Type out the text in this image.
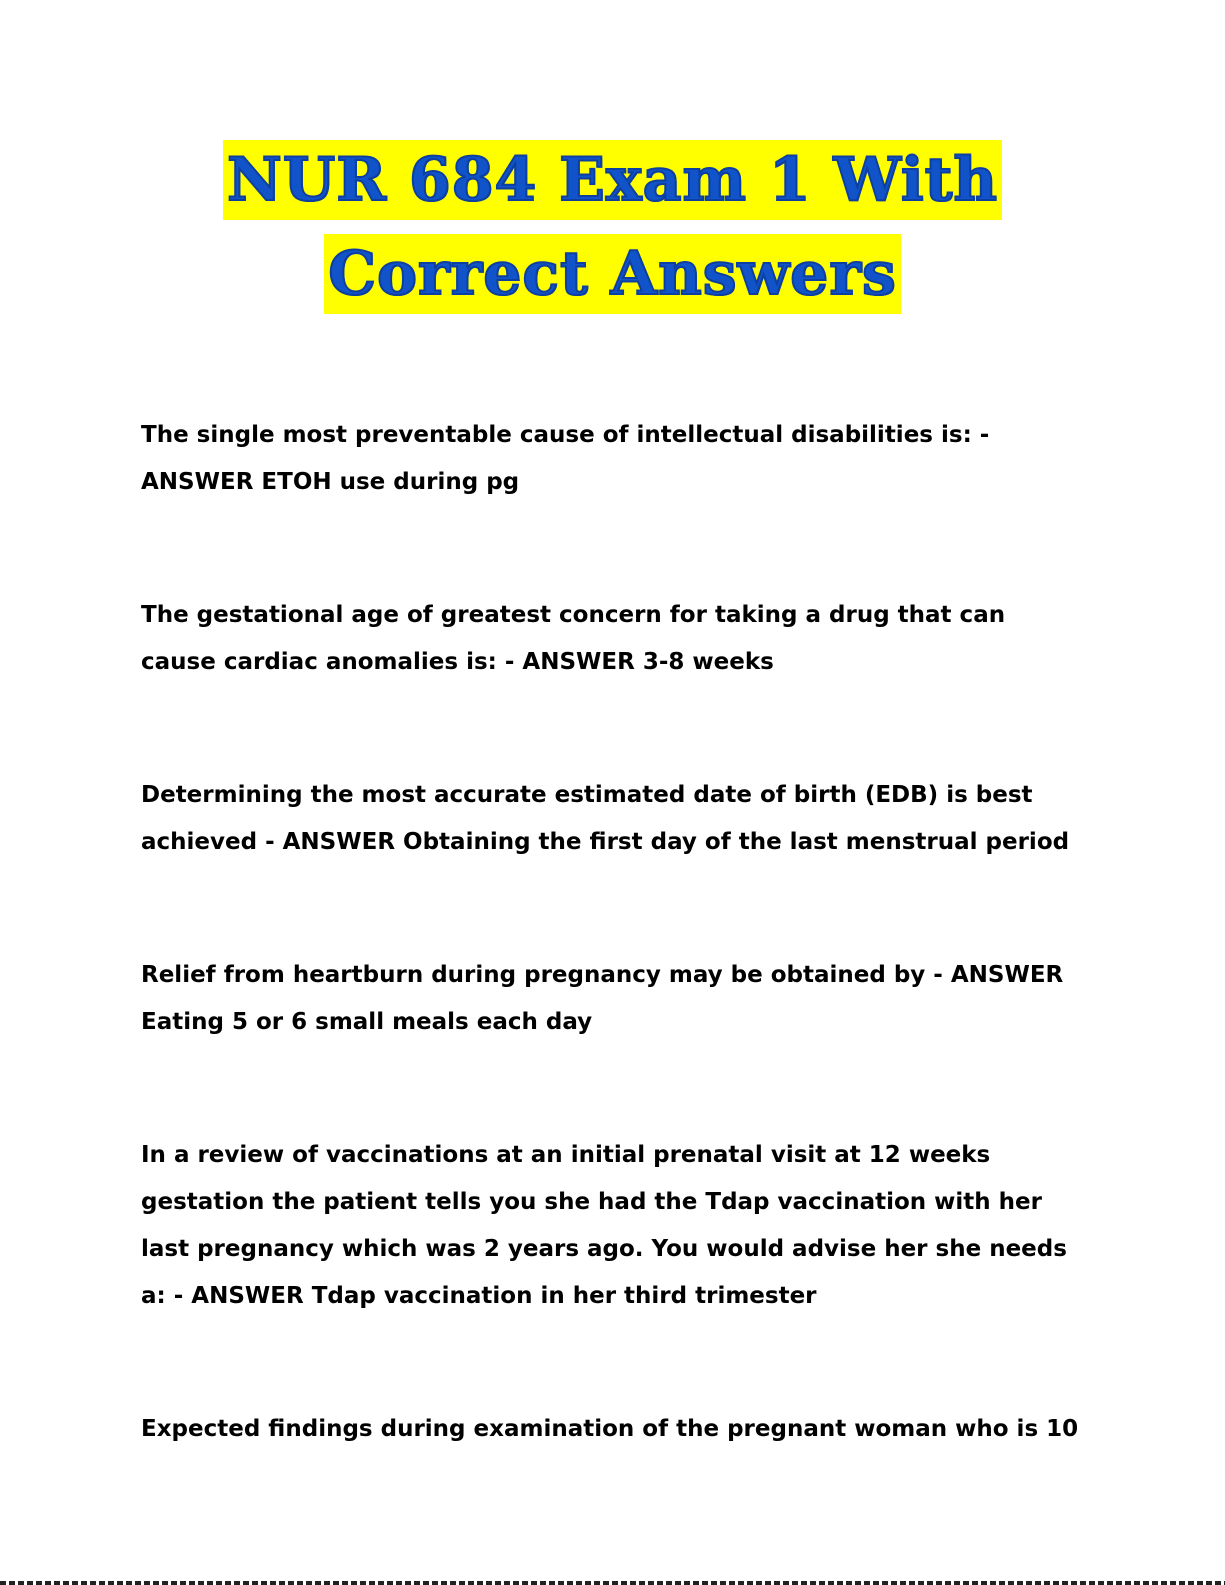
NUR 684 Exam 1 With
Correct Answers
The single most preventable cause of intellectual disabilities is: - ANSWER ETOH use during pg
The gestational age of greatest concern for taking a drug that can cause cardiac anomalies is: - ANSWER 3-8 weeks
Determining the most accurate estimated date of birth (EDB) is best achieved - ANSWER Obtaining the first day of the last menstrual period
Relief from heartburn during pregnancy may be obtained by - ANSWER Eating 5 or 6 small meals each day
In a review of vaccinations at an initial prenatal visit at 12 weeks gestation the patient tells you she had the Tdap vaccination with her last pregnancy which was 2 years ago. You would advise her she needs a: - ANSWER Tdap vaccination in her third trimester
Expected findings during examination of the pregnant woman who is 10
